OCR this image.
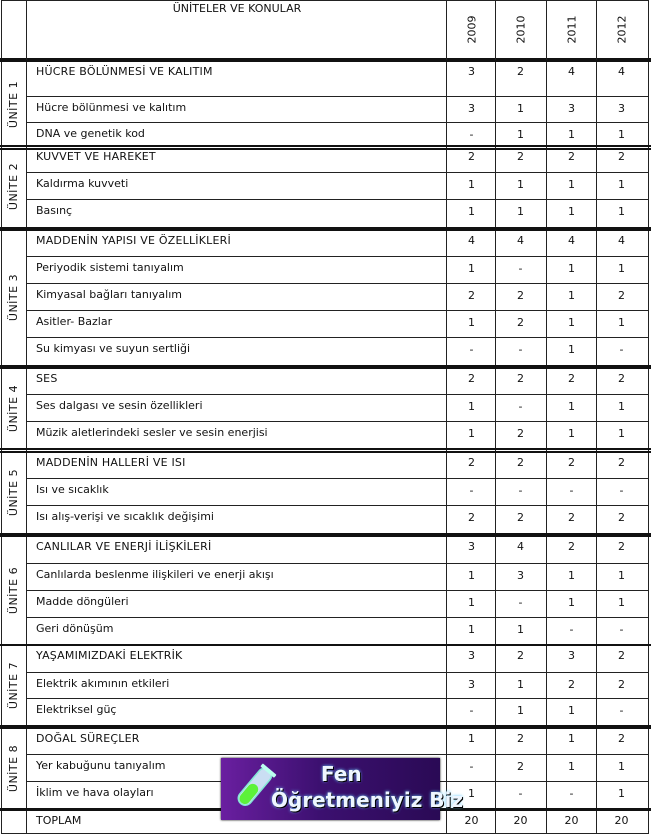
ÜNİTELER VE KONULAR
2009	2010	2011	2012
HÜCRE BÖLÜNMESİ VE KALITIM	3	2	4	4
Hücre bölünmesi ve kalıtım	3	1	3	3
DNA ve genetik kod	-	1	1	1
ÜNİTE 1
KUVVET VE HAREKET	2	2	2	2
Kaldırma kuvveti	1	1	1	1
Basınç	1	1	1	1
ÜNİTE 2
MADDENİN YAPISI VE ÖZELLİKLERİ	4	4	4	4
Periyodik sistemi tanıyalım	1	-	1	1
Kimyasal bağları tanıyalım	2	2	1	2
Asitler- Bazlar	1	2	1	1
Su kimyası ve suyun sertliği	-	-	1	-
ÜNİTE 3
SES	2	2	2	2
Ses dalgası ve sesin özellikleri	1	-	1	1
Müzik aletlerindeki sesler ve sesin enerjisi	1	2	1	1
ÜNİTE 4
MADDENİN HALLERİ VE ISI	2	2	2	2
Isı ve sıcaklık	-	-	-	-
Isı alış-verişi ve sıcaklık değişimi	2	2	2	2
ÜNİTE 5
CANLILAR VE ENERJİ İLİŞKİLERİ	3	4	2	2
Canlılarda beslenme ilişkileri ve enerji akışı	1	3	1	1
Madde döngüleri	1	-	1	1
Geri dönüşüm	1	1	-	-
ÜNİTE 6
YAŞAMIMIZDAKİ ELEKTRİK	3	2	3	2
Elektrik akımının etkileri	3	1	2	2
Elektriksel güç	-	1	1	-
ÜNİTE 7
DOĞAL SÜREÇLER	1	2	1	2
Yer kabuğunu tanıyalım	-	2	1	1
İklim ve hava olayları	1	-	-	1
ÜNİTE 8
TOPLAM	20	20	20	20
Fen
Öğretmeniyiz Biz
